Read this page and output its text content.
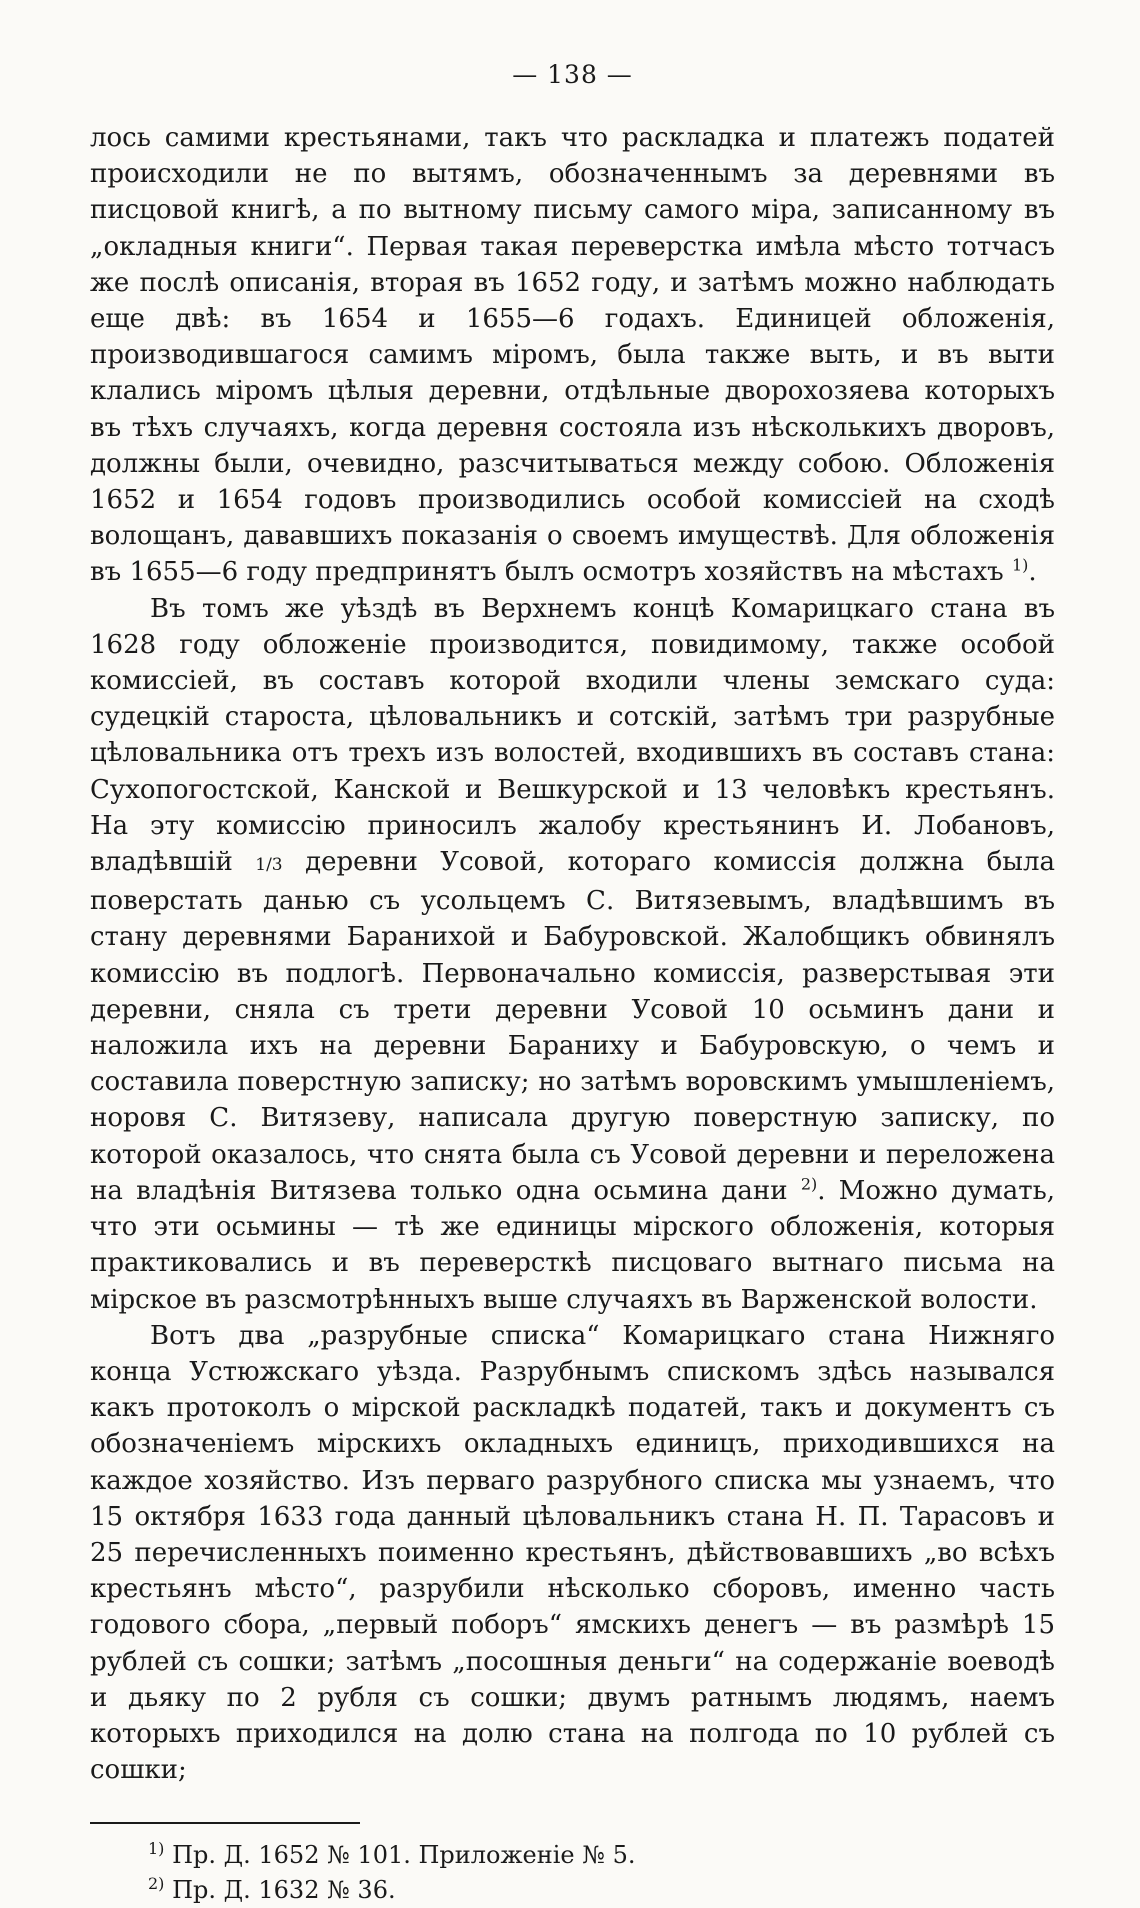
— 138 —

лось самими крестьянами, такъ что раскладка и платежъ податей происходили не по вытямъ, обозначеннымъ за деревнями въ писцовой книгѣ, а по вытному письму самого міра, записанному въ „окладныя книги“. Первая такая переверстка имѣла мѣсто тотчасъ же послѣ описанія, вторая въ 1652 году, и затѣмъ можно наблюдать еще двѣ: въ 1654 и 1655—6 годахъ. Единицей обложенія, производившагося самимъ міромъ, была также выть, и въ выти клались міромъ цѣлыя деревни, отдѣльные дворохозяева которыхъ въ тѣхъ случаяхъ, когда деревня состояла изъ нѣсколькихъ дворовъ, должны были, очевидно, разсчитываться между собою. Обложенія 1652 и 1654 годовъ производились особой комиссіей на сходѣ волощанъ, дававшихъ показанія о своемъ имуществѣ. Для обложенія въ 1655—6 году предпринятъ былъ осмотръ хозяйствъ на мѣстахъ $^{1)}$.

Въ томъ же уѣздѣ въ Верхнемъ концѣ Комарицкаго стана въ 1628 году обложеніе производится, повидимому, также особой комиссіей, въ составъ которой входили члены земскаго суда: судецкій староста, цѣловальникъ и сотскій, затѣмъ три разрубные цѣловальника отъ трехъ изъ волостей, входившихъ въ составъ стана: Сухопогостской, Канской и Вешкурской и 13 человѣкъ крестьянъ. На эту комиссію приносилъ жалобу крестьянинъ И. Лобановъ, владѣвшій 1/3 деревни Усовой, котораго комиссія должна была поверстать данью съ усольцемъ С. Витязевымъ, владѣвшимъ въ стану деревнями Бараниxой и Бабуровской. Жалобщикъ обвинялъ комиссію въ подлогѣ. Первоначально комиссія, разверстывая эти деревни, сняла съ трети деревни Усовой 10 осьминъ дани и наложила ихъ на деревни Бараниху и Бабуровскую, о чемъ и составила поверстную записку; но затѣмъ воровскимъ умышленіемъ, норовя С. Витязеву, написала другую поверстную записку, по которой оказалось, что снята была съ Усовой деревни и переложена на владѣнія Витязева только одна осьмина дани $^{2)}$. Можно думать, что эти осьмины — тѣ же единицы мірского обложенія, которыя практиковались и въ переверсткѣ писцоваго вытнаго письма на мірское въ разсмотрѣнныхъ выше случаяхъ въ Варженской волости.

Вотъ два „разрубные списка“ Комарицкаго стана Нижняго конца Устюжскаго уѣзда. Разрубнымъ спискомъ здѣсь назывался какъ протоколъ о мірской раскладкѣ податей, такъ и документъ съ обозначеніемъ мірскихъ окладныхъ единицъ, приходившихся на каждое хозяйство. Изъ перваго разрубного списка мы узнаемъ, что 15 октября 1633 года данный цѣловальникъ стана Н. П. Тарасовъ и 25 перечисленныхъ поименно крестьянъ, дѣйствовавшихъ „во всѣхъ крестьянъ мѣсто“, разрубили нѣсколько сборовъ, именно часть годового сбора, „первый поборъ“ ямскихъ денегъ — въ размѣрѣ 15 рублей съ сошки; затѣмъ „посошныя деньги“ на содержаніе воеводѣ и дьяку по 2 рубля съ сошки; двумъ ратнымъ людямъ, наемъ которыхъ приходился на долю стана на полгода по 10 рублей съ сошки;

$^{1)}$ Пр. Д. 1652 № 101. Приложеніе № 5.

$^{2)}$ Пр. Д. 1632 № 36.
